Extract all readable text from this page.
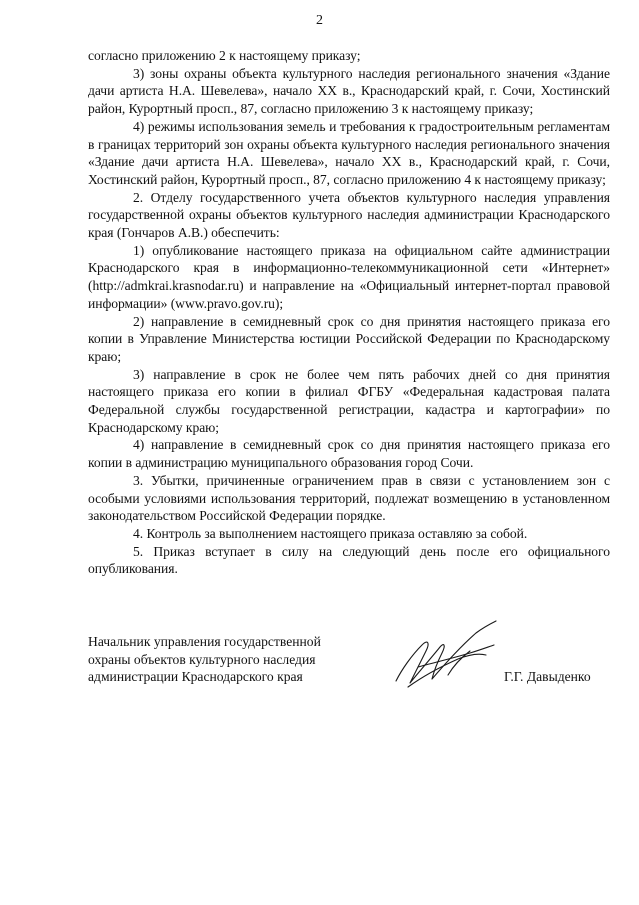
2

согласно приложению 2 к настоящему приказу;

3) зоны охраны объекта культурного наследия регионального значения «Здание дачи артиста Н.А. Шевелева», начало XX в., Краснодарский край, г. Сочи, Хостинский район, Курортный просп., 87, согласно приложению 3 к настоящему приказу;

4) режимы использования земель и требования к градостроительным регламентам в границах территорий зон охраны объекта культурного наследия регионального значения «Здание дачи артиста Н.А. Шевелева», начало XX в., Краснодарский край, г. Сочи, Хостинский район, Курортный просп., 87, согласно приложению 4 к настоящему приказу;

2. Отделу государственного учета объектов культурного наследия управления государственной охраны объектов культурного наследия администрации Краснодарского края (Гончаров А.В.) обеспечить:

1) опубликование настоящего приказа на официальном сайте администрации Краснодарского края в информационно-телекоммуникационной сети «Интернет» (http://admkrai.krasnodar.ru) и направление на «Официальный интернет-портал правовой информации» (www.pravo.gov.ru);

2) направление в семидневный срок со дня принятия настоящего приказа его копии в Управление Министерства юстиции Российской Федерации по Краснодарскому краю;

3) направление в срок не более чем пять рабочих дней со дня принятия настоящего приказа его копии в филиал ФГБУ «Федеральная кадастровая палата Федеральной службы государственной регистрации, кадастра и картографии» по Краснодарскому краю;

4) направление в семидневный срок со дня принятия настоящего приказа его копии в администрацию муниципального образования город Сочи.

3. Убытки, причиненные ограничением прав в связи с установлением зон с особыми условиями использования территорий, подлежат возмещению в установленном законодательством Российской Федерации порядке.

4. Контроль за выполнением настоящего приказа оставляю за собой.

5. Приказ вступает в силу на следующий день после его официального опубликования.

Начальник управления государственной
охраны объектов культурного наследия
администрации Краснодарского края	Г.Г. Давыденко
